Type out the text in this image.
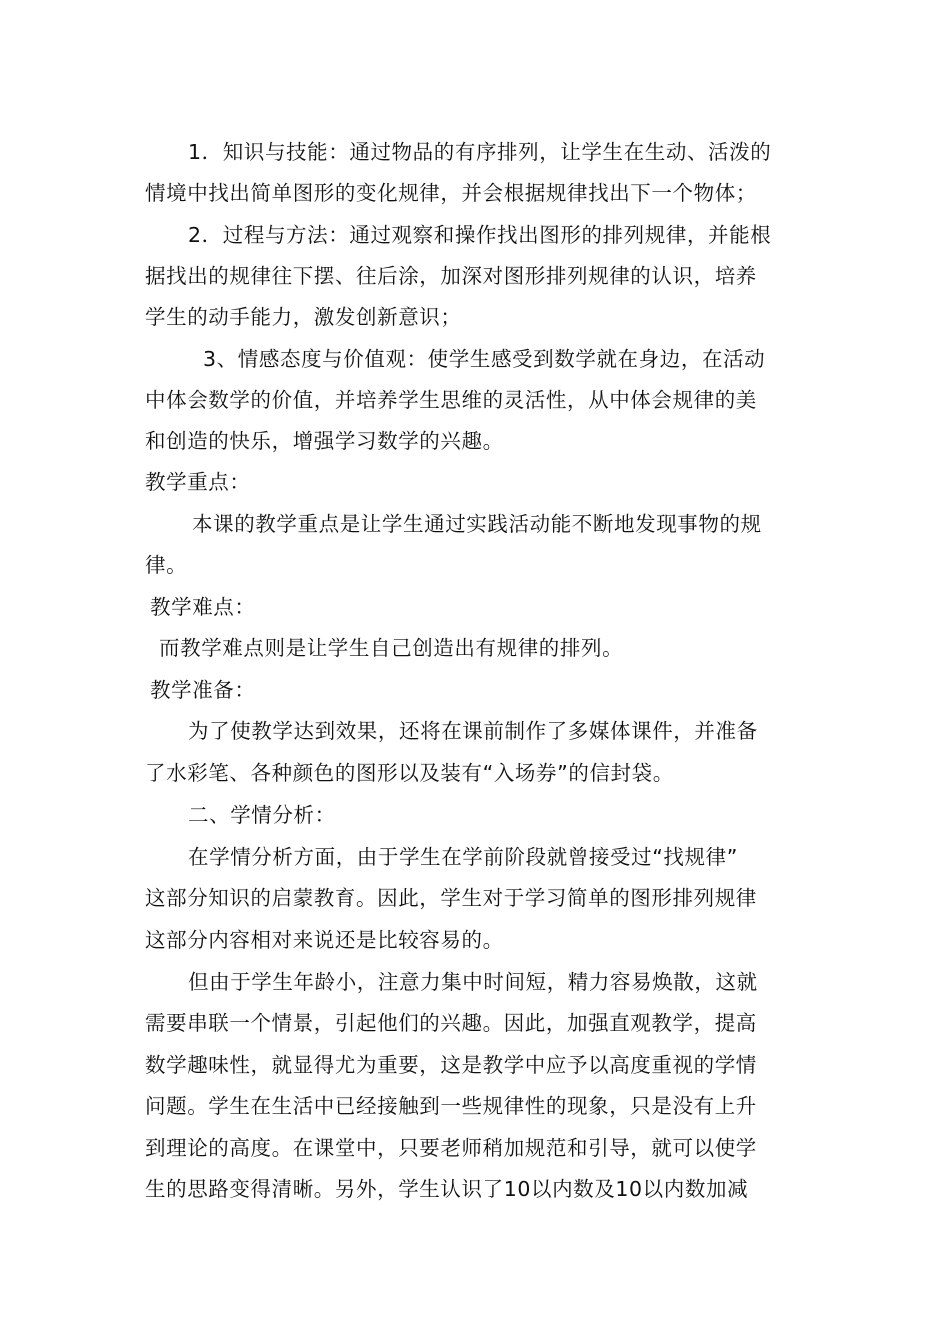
1．知识与技能：通过物品的有序排列，让学生在生动、活泼的
情境中找出简单图形的变化规律，并会根据规律找出下一个物体；
2．过程与方法：通过观察和操作找出图形的排列规律，并能根
据找出的规律往下摆、往后涂，加深对图形排列规律的认识，培养
学生的动手能力，激发创新意识；
3、情感态度与价值观：使学生感受到数学就在身边，在活动
中体会数学的价值，并培养学生思维的灵活性，从中体会规律的美
和创造的快乐，增强学习数学的兴趣。
教学重点：
本课的教学重点是让学生通过实践活动能不断地发现事物的规
律。
教学难点：
而教学难点则是让学生自己创造出有规律的排列。
教学准备：
为了使教学达到效果，还将在课前制作了多媒体课件，并准备
了水彩笔、各种颜色的图形以及装有“入场券”的信封袋。
二、学情分析：
在学情分析方面，由于学生在学前阶段就曾接受过“找规律”
这部分知识的启蒙教育。因此，学生对于学习简单的图形排列规律
这部分内容相对来说还是比较容易的。
但由于学生年龄小，注意力集中时间短，精力容易焕散，这就
需要串联一个情景，引起他们的兴趣。因此，加强直观教学，提高
数学趣味性，就显得尤为重要，这是教学中应予以高度重视的学情
问题。学生在生活中已经接触到一些规律性的现象，只是没有上升
到理论的高度。在课堂中，只要老师稍加规范和引导，就可以使学
生的思路变得清晰。另外，学生认识了10以内数及10以内数加减
